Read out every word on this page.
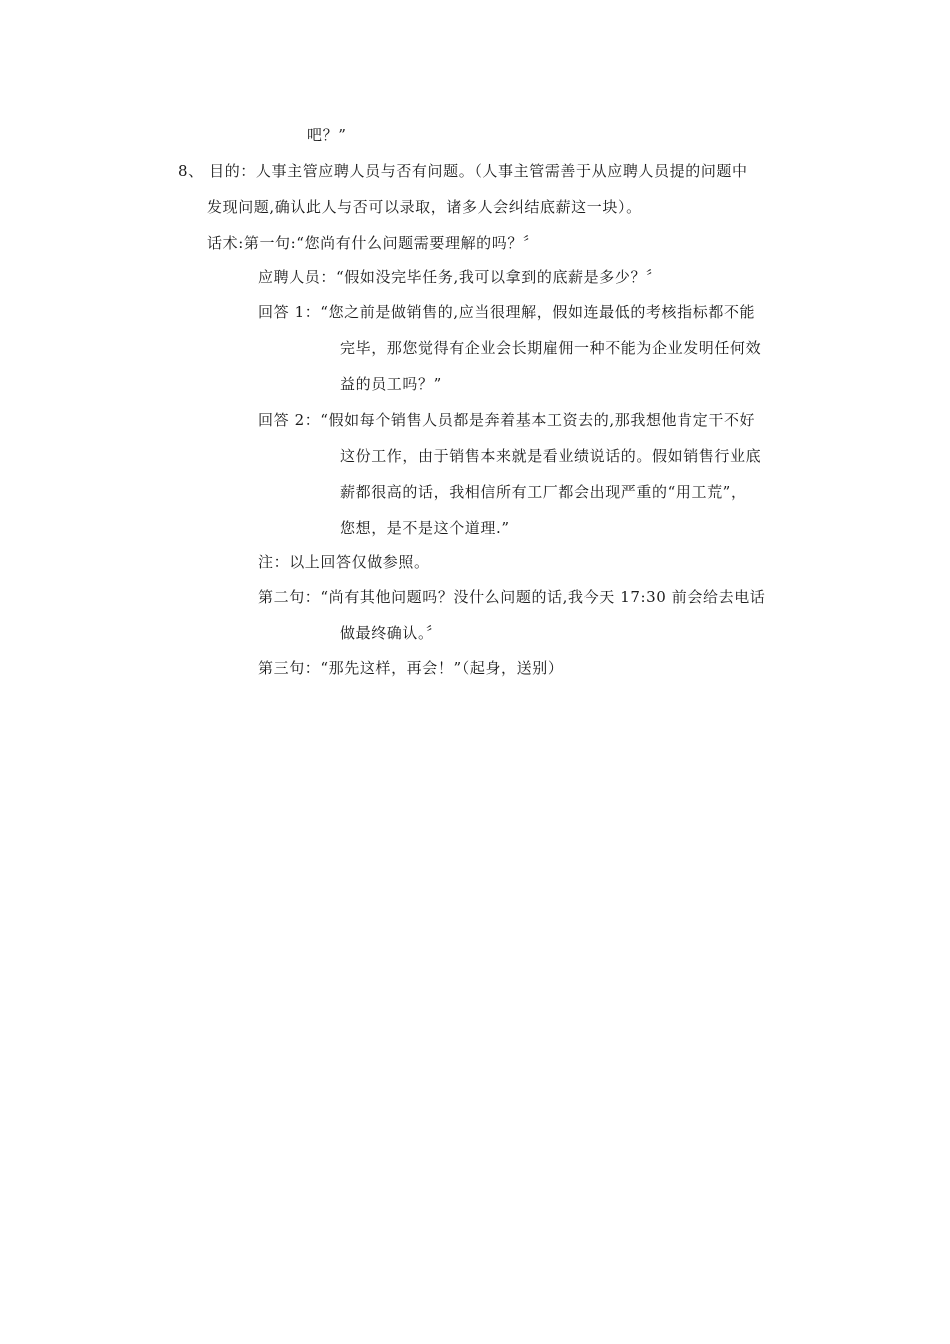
吧？”
8、 目的：人事主管应聘人员与否有问题。（人事主管需善于从应聘人员提的问题中
发现问题,确认此人与否可以录取，诸多人会纠结底薪这一块）。
话术:第一句:“您尚有什么问题需要理解的吗？〞
应聘人员：“假如没完毕任务,我可以拿到的底薪是多少？〞
回答 1：“您之前是做销售的,应当很理解，假如连最低的考核指标都不能
完毕，那您觉得有企业会长期雇佣一种不能为企业发明任何效
益的员工吗？”
回答 2：“假如每个销售人员都是奔着基本工资去的,那我想他肯定干不好
这份工作，由于销售本来就是看业绩说话的。假如销售行业底
薪都很高的话，我相信所有工厂都会出现严重的“用工荒”，
您想，是不是这个道理.”
注：以上回答仅做参照。
第二句：“尚有其他问题吗？没什么问题的话,我今天 17:30 前会给去电话
做最终确认。〞
第三句：“那先这样，再会！”（起身，送别）
